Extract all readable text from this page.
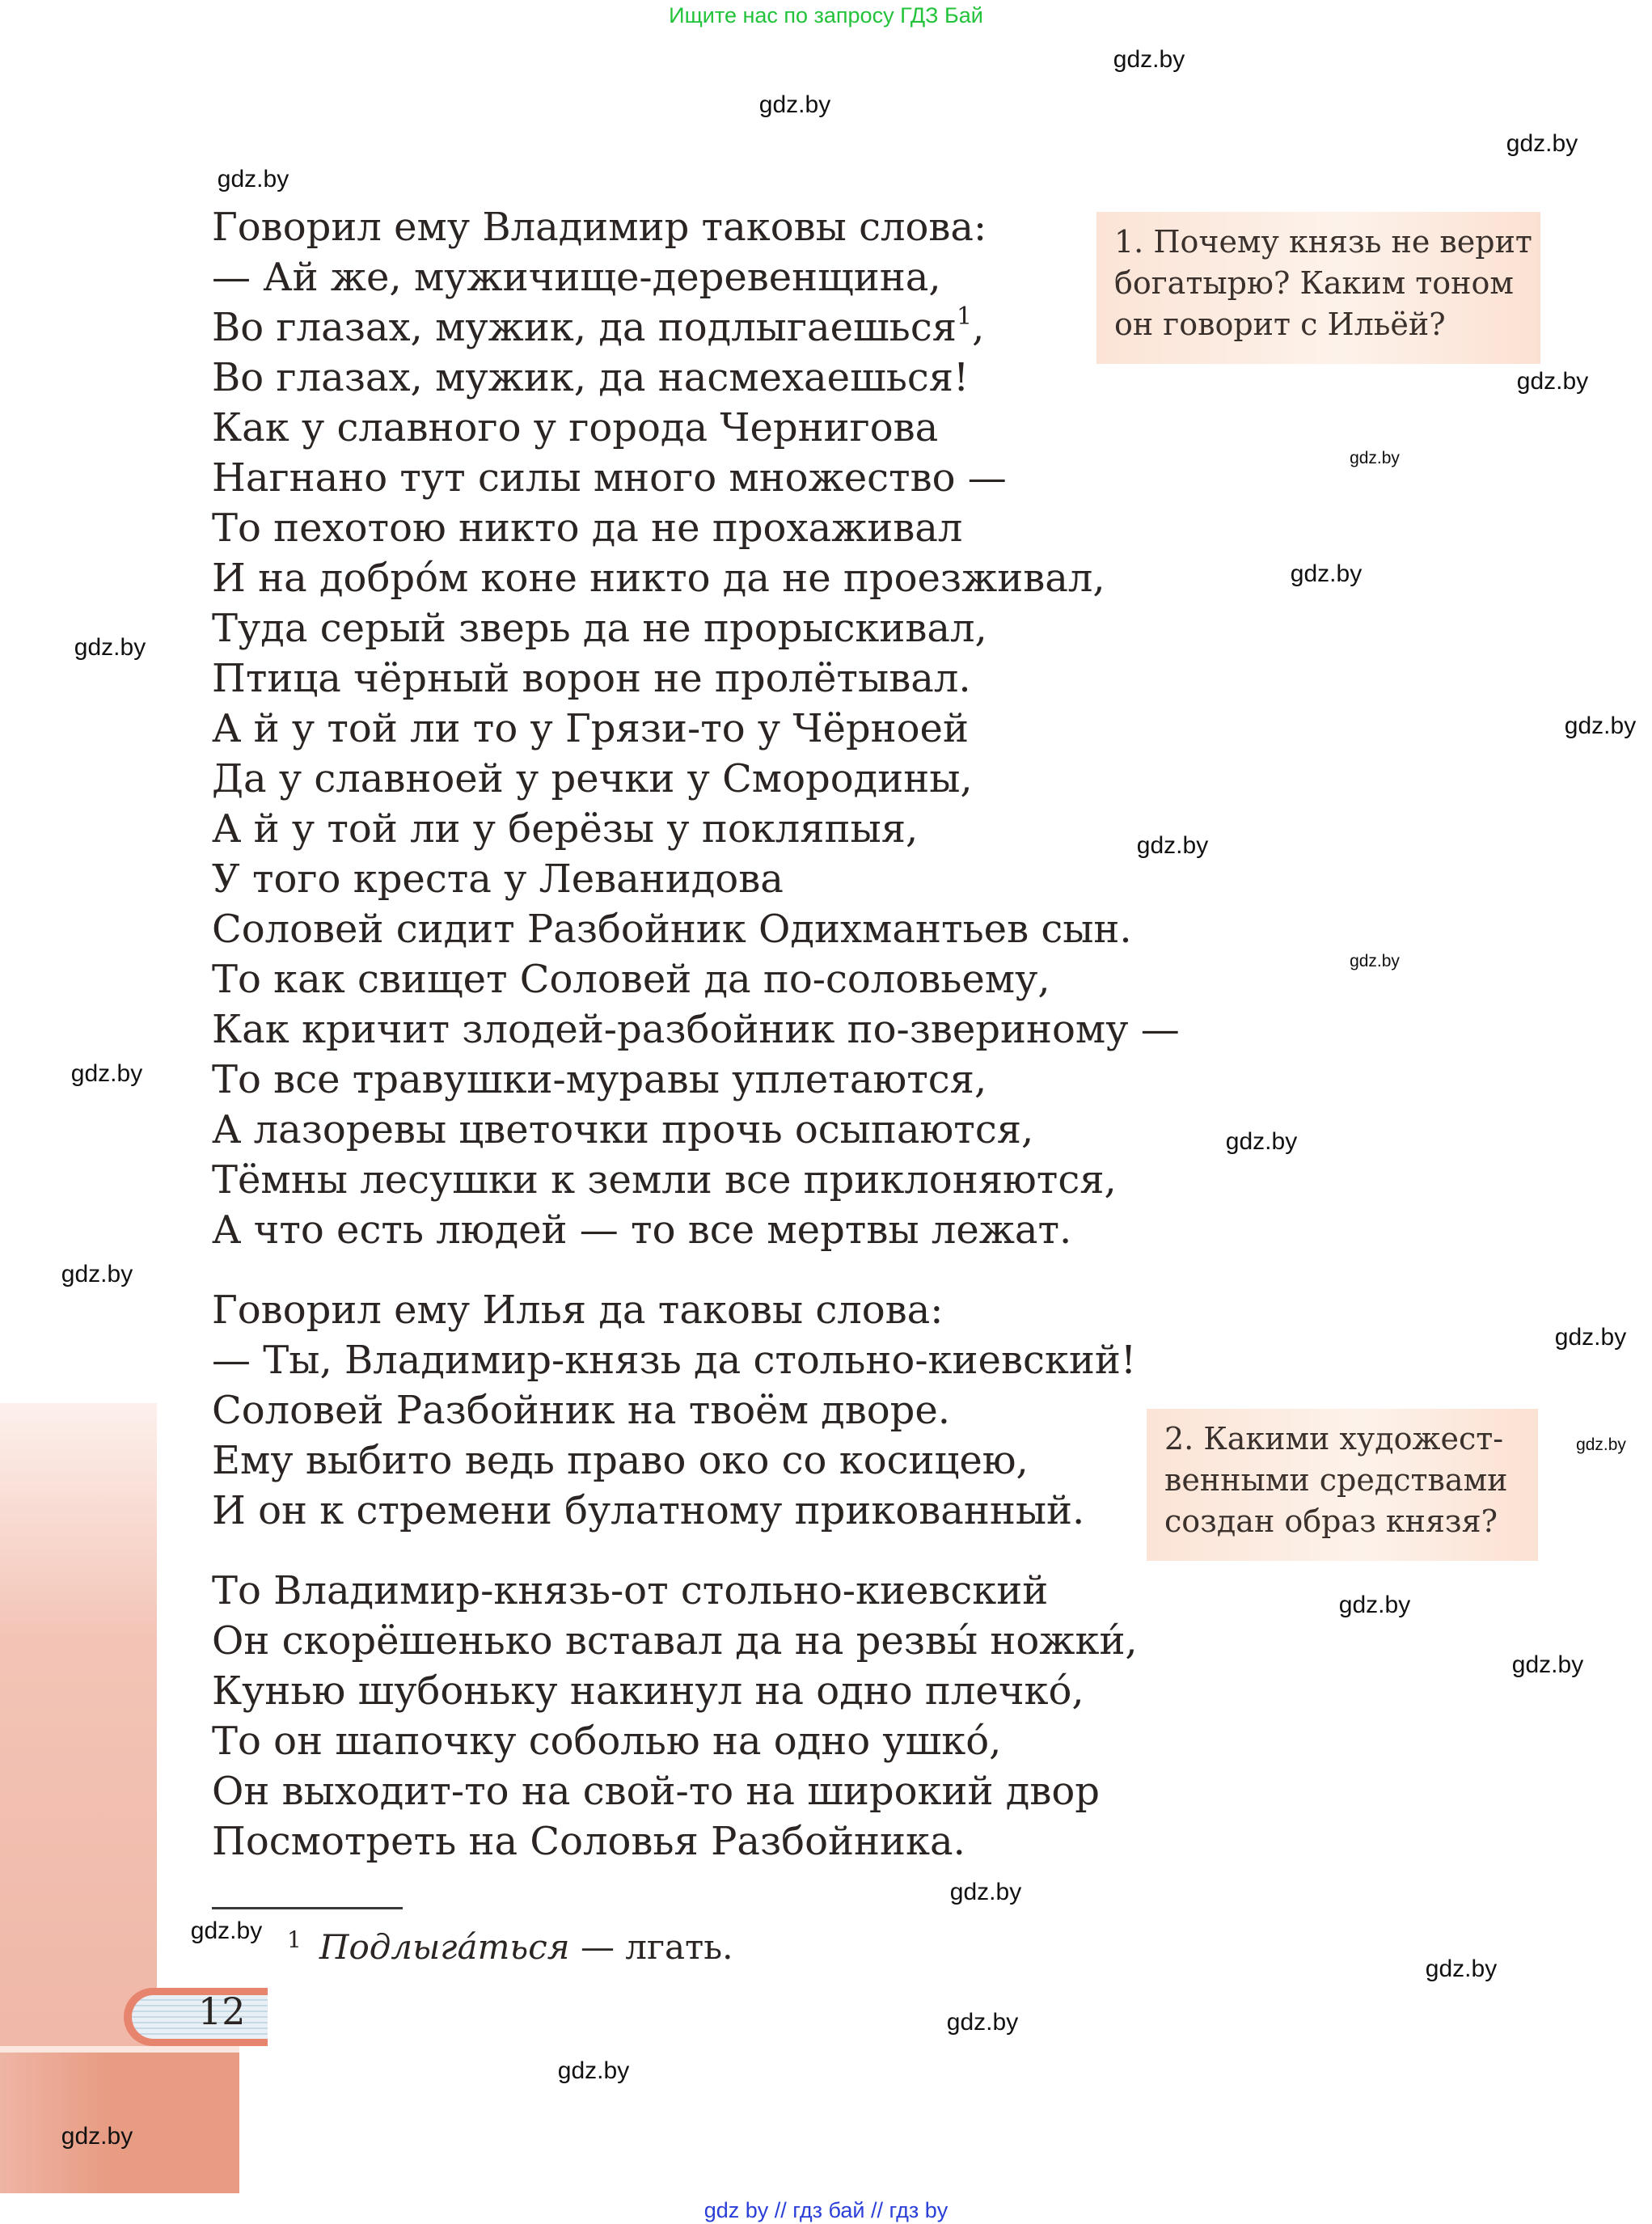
Ищите нас по запросу ГДЗ Бай
12
Говорил ему Владимир таковы слова:
— Ай же, мужичище-деревенщина,
Во глазах, мужик, да подлыгаешься$^1$,
Во глазах, мужик, да насмехаешься!
Как у славного у города Чернигова
Нагнано тут силы много множество —
То пехотою никто да не прохаживал
И на добро́м коне никто да не проезживал,
Туда серый зверь да не прорыскивал,
Птица чёрный ворон не пролётывал.
А й у той ли то у Грязи-то у Чёрноей
Да у славноей у речки у Смородины,
А й у той ли у берёзы у покляпыя,
У того креста у Леванидова
Соловей сидит Разбойник Одихмантьев сын.
То как свищет Соловей да по-соловьему,
Как кричит злодей-разбойник по-звериному —
То все травушки-муравы уплетаются,
А лазоревы цветочки прочь осыпаются,
Тёмны лесушки к земли все приклоняются,
А что есть людей — то все мертвы лежат.
Говорил ему Илья да таковы слова:
— Ты, Владимир-князь да стольно-киевский!
Соловей Разбойник на твоём дворе.
Ему выбито ведь право око со косицею,
И он к стремени булатному прикованный.
То Владимир-князь-от стольно-киевский
Он скорёшенько вставал да на резвы́ ножки́,
Кунью шубоньку накинул на одно плечко́,
То он шапочку соболью на одно ушко́,
Он выходит-то на свой-то на широкий двор
Посмотреть на Соловья Разбойника.
1. Почему князь не верит
богатырю? Каким тоном
он говорит с Ильёй?
2. Какими художест-
венными средствами
создан образ князя?
$^1$ Подлыга́ться — лгать.
gdz.by
gdz.by
gdz.by
gdz.by
gdz.by
gdz.by
gdz.by
gdz.by
gdz.by
gdz.by
gdz.by
gdz.by
gdz.by
gdz.by
gdz.by
gdz.by
gdz.by
gdz.by
gdz.by
gdz.by
gdz.by
gdz.by
gdz.by
gdz.by
gdz by // гдз бай // гдз by
